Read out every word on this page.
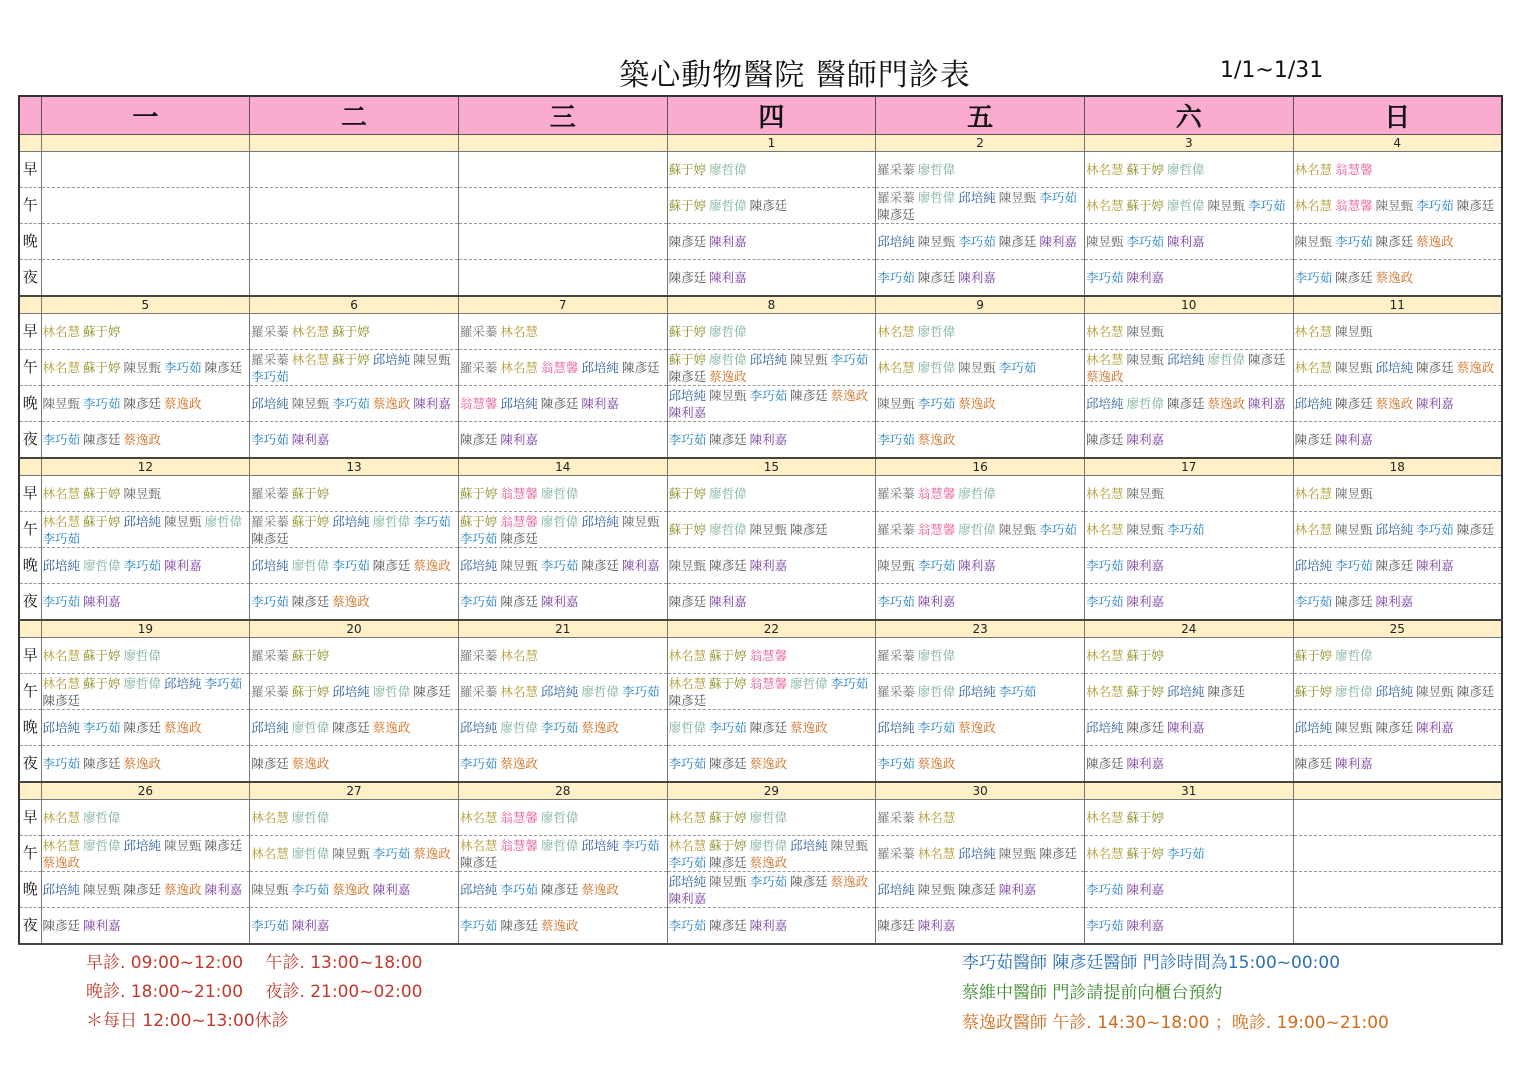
築心動物醫院 醫師門診表	1/1~1/31
	一	二	三	四	五	六	日
				1	2	3	4
早				蘇于婷 廖哲偉	羅采蓁 廖哲偉	林名慧 蘇于婷 廖哲偉	林名慧 翁慧馨

午				蘇于婷 廖哲偉 陳彥廷	羅采蓁 廖哲偉 邱培純 陳昱甄 李巧茹陳彥廷	林名慧 蘇于婷 廖哲偉 陳昱甄 李巧茹	林名慧 翁慧馨 陳昱甄 李巧茹 陳彥廷

晚				陳彥廷 陳利嘉	邱培純 陳昱甄 李巧茹 陳彥廷 陳利嘉	陳昱甄 李巧茹 陳利嘉	陳昱甄 李巧茹 陳彥廷 蔡逸政

夜				陳彥廷 陳利嘉	李巧茹 陳彥廷 陳利嘉	李巧茹 陳利嘉	李巧茹 陳彥廷 蔡逸政

	5	6	7	8	9	10	11
早	林名慧 蘇于婷	羅采蓁 林名慧 蘇于婷	羅采蓁 林名慧	蘇于婷 廖哲偉	林名慧 廖哲偉	林名慧 陳昱甄	林名慧 陳昱甄

午	林名慧 蘇于婷 陳昱甄 李巧茹 陳彥廷	羅采蓁 林名慧 蘇于婷 邱培純 陳昱甄李巧茹	羅采蓁 林名慧 翁慧馨 邱培純 陳彥廷	蘇于婷 廖哲偉 邱培純 陳昱甄 李巧茹陳彥廷 蔡逸政	林名慧 廖哲偉 陳昱甄 李巧茹	林名慧 陳昱甄 邱培純 廖哲偉 陳彥廷蔡逸政	林名慧 陳昱甄 邱培純 陳彥廷 蔡逸政

晚	陳昱甄 李巧茹 陳彥廷 蔡逸政	邱培純 陳昱甄 李巧茹 蔡逸政 陳利嘉	翁慧馨 邱培純 陳彥廷 陳利嘉	邱培純 陳昱甄 李巧茹 陳彥廷 蔡逸政陳利嘉	陳昱甄 李巧茹 蔡逸政	邱培純 廖哲偉 陳彥廷 蔡逸政 陳利嘉	邱培純 陳彥廷 蔡逸政 陳利嘉

夜	李巧茹 陳彥廷 蔡逸政	李巧茹 陳利嘉	陳彥廷 陳利嘉	李巧茹 陳彥廷 陳利嘉	李巧茹 蔡逸政	陳彥廷 陳利嘉	陳彥廷 陳利嘉

	12	13	14	15	16	17	18
早	林名慧 蘇于婷 陳昱甄	羅采蓁 蘇于婷	蘇于婷 翁慧馨 廖哲偉	蘇于婷 廖哲偉	羅采蓁 翁慧馨 廖哲偉	林名慧 陳昱甄	林名慧 陳昱甄

午	林名慧 蘇于婷 邱培純 陳昱甄 廖哲偉李巧茹	羅采蓁 蘇于婷 邱培純 廖哲偉 李巧茹陳彥廷	蘇于婷 翁慧馨 廖哲偉 邱培純 陳昱甄李巧茹 陳彥廷	蘇于婷 廖哲偉 陳昱甄 陳彥廷	羅采蓁 翁慧馨 廖哲偉 陳昱甄 李巧茹	林名慧 陳昱甄 李巧茹	林名慧 陳昱甄 邱培純 李巧茹 陳彥廷

晚	邱培純 廖哲偉 李巧茹 陳利嘉	邱培純 廖哲偉 李巧茹 陳彥廷 蔡逸政	邱培純 陳昱甄 李巧茹 陳彥廷 陳利嘉	陳昱甄 陳彥廷 陳利嘉	陳昱甄 李巧茹 陳利嘉	李巧茹 陳利嘉	邱培純 李巧茹 陳彥廷 陳利嘉

夜	李巧茹 陳利嘉	李巧茹 陳彥廷 蔡逸政	李巧茹 陳彥廷 陳利嘉	陳彥廷 陳利嘉	李巧茹 陳利嘉	李巧茹 陳利嘉	李巧茹 陳彥廷 陳利嘉

	19	20	21	22	23	24	25
早	林名慧 蘇于婷 廖哲偉	羅采蓁 蘇于婷	羅采蓁 林名慧	林名慧 蘇于婷 翁慧馨	羅采蓁 廖哲偉	林名慧 蘇于婷	蘇于婷 廖哲偉

午	林名慧 蘇于婷 廖哲偉 邱培純 李巧茹陳彥廷	羅采蓁 蘇于婷 邱培純 廖哲偉 陳彥廷	羅采蓁 林名慧 邱培純 廖哲偉 李巧茹	林名慧 蘇于婷 翁慧馨 廖哲偉 李巧茹陳彥廷	羅采蓁 廖哲偉 邱培純 李巧茹	林名慧 蘇于婷 邱培純 陳彥廷	蘇于婷 廖哲偉 邱培純 陳昱甄 陳彥廷

晚	邱培純 李巧茹 陳彥廷 蔡逸政	邱培純 廖哲偉 陳彥廷 蔡逸政	邱培純 廖哲偉 李巧茹 蔡逸政	廖哲偉 李巧茹 陳彥廷 蔡逸政	邱培純 李巧茹 蔡逸政	邱培純 陳彥廷 陳利嘉	邱培純 陳昱甄 陳彥廷 陳利嘉

夜	李巧茹 陳彥廷 蔡逸政	陳彥廷 蔡逸政	李巧茹 蔡逸政	李巧茹 陳彥廷 蔡逸政	李巧茹 蔡逸政	陳彥廷 陳利嘉	陳彥廷 陳利嘉

	26	27	28	29	30	31	
早	林名慧 廖哲偉	林名慧 廖哲偉	林名慧 翁慧馨 廖哲偉	林名慧 蘇于婷 廖哲偉	羅采蓁 林名慧	林名慧 蘇于婷	

午	林名慧 廖哲偉 邱培純 陳昱甄 陳彥廷蔡逸政	林名慧 廖哲偉 陳昱甄 李巧茹 蔡逸政	林名慧 翁慧馨 廖哲偉 邱培純 李巧茹陳彥廷	林名慧 蘇于婷 廖哲偉 邱培純 陳昱甄李巧茹 陳彥廷 蔡逸政	羅采蓁 林名慧 邱培純 陳昱甄 陳彥廷	林名慧 蘇于婷 李巧茹	

晚	邱培純 陳昱甄 陳彥廷 蔡逸政 陳利嘉	陳昱甄 李巧茹 蔡逸政 陳利嘉	邱培純 李巧茹 陳彥廷 蔡逸政	邱培純 陳昱甄 李巧茹 陳彥廷 蔡逸政陳利嘉	邱培純 陳昱甄 陳彥廷 陳利嘉	李巧茹 陳利嘉	

夜	陳彥廷 陳利嘉	李巧茹 陳利嘉	李巧茹 陳彥廷 蔡逸政	李巧茹 陳彥廷 陳利嘉	陳彥廷 陳利嘉	李巧茹 陳利嘉	

早診. 09:00~12:00　 午診. 13:00~18:00
晚診. 18:00~21:00　 夜診. 21:00~02:00
＊每日 12:00~13:00休診
李巧茹醫師 陳彥廷醫師 門診時間為15:00~00:00
蔡維中醫師 門診請提前向櫃台預約
蔡逸政醫師 午診. 14:30~18:00 ；晚診. 19:00~21:00
